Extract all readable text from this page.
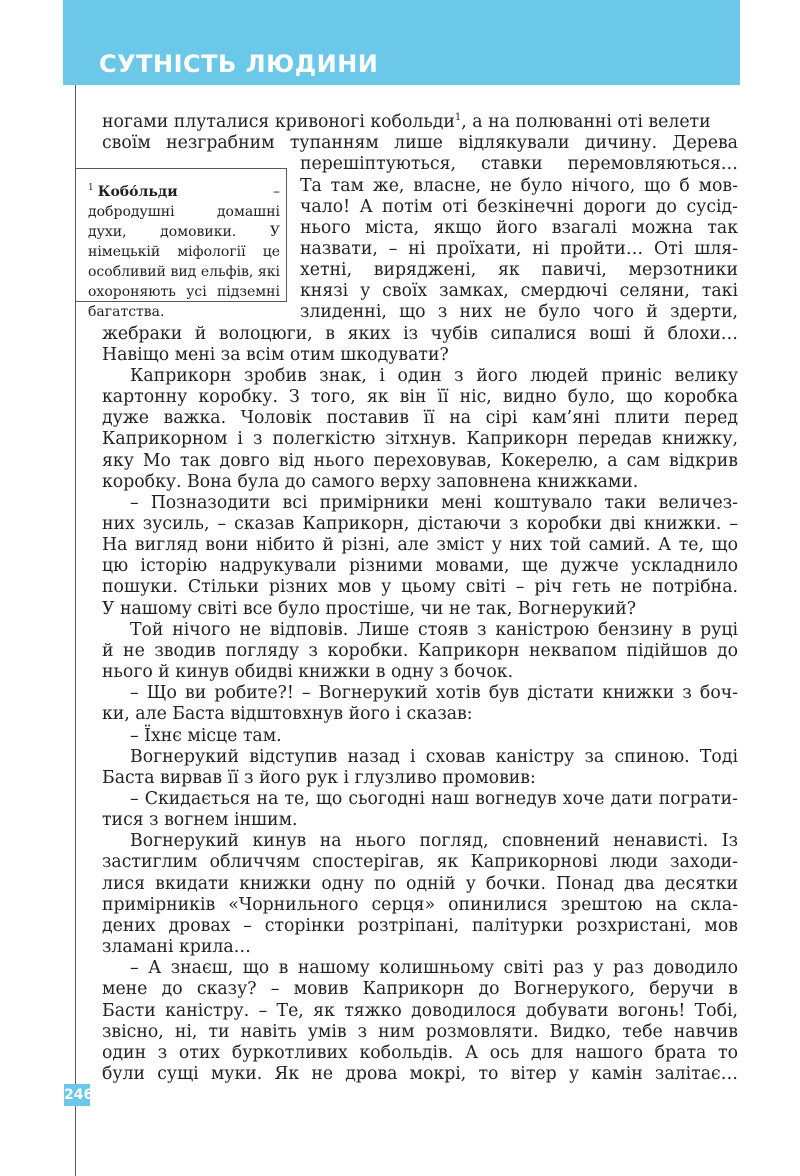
СУТНІСТЬ ЛЮДИНИ

$^1$ Кобо́льди – добродушні домашні духи, домовики. У німецькій міфології це особливий вид ельфів, які охороняють усі підземні багатства.

ногами плуталися кривоногі кобольди$^1$, а на полюванні оті велети
своїм незграбним тупанням лише відлякували дичину. Дерева
перешіптуються, ставки перемовляються…
Та там же, власне, не було нічого, що б мов-
чало! А потім оті безкінечні дороги до сусід-
нього міста, якщо його взагалі можна так
назвати, – ні проїхати, ні пройти… Оті шля-
хетні, вирядженi, як павичі, мерзотники
князі у своїх замках, смердючі селяни, такі
злиденні, що з них не було чого й здерти,
жебраки й волоцюги, в яких із чубів сипалися воші й блохи…
Навіщо мені за всім отим шкодувати?
Каприкорн зробив знак, і один з його людей приніс велику
картонну коробку. З того, як він її ніс, видно було, що коробка
дуже важка. Чоловік поставив її на сірі кам’яні плити перед
Каприкорном і з полегкістю зітхнув. Каприкорн передав книжку,
яку Мо так довго від нього переховував, Кокерелю, а сам відкрив
коробку. Вона була до самого верху заповнена книжками.
– Позназодити всі примірники мені коштувало таки величез-
них зусиль, – сказав Каприкорн, дістаючи з коробки дві книжки. –
На вигляд вони нібито й різні, але зміст у них той самий. А те, що
цю історію надрукували різними мовами, ще дужче ускладнило
пошуки. Стільки різних мов у цьому світі – річ геть не потрібна.
У нашому світі все було простіше, чи не так, Вогнерукий?
Той нічого не відповів. Лише стояв з каністрою бензину в руці
й не зводив погляду з коробки. Каприкорн неквапом підійшов до
нього й кинув обидві книжки в одну з бочок.
– Що ви робите?! – Вогнерукий хотів був дістати книжки з боч-
ки, але Баста відштовхнув його і сказав:
– Їхнє місце там.
Вогнерукий відступив назад і сховав каністру за спиною. Тоді
Баста вирвав її з його рук і глузливо промовив:
– Скидається на те, що сьогодні наш вогнедув хоче дати пограти-
тися з вогнем іншим.
Вогнерукий кинув на нього погляд, сповнений ненависті. Із
застиглим обличчям спостерігав, як Каприкорнові люди заходи-
лися вкидати книжки одну по одній у бочки. Понад два десятки
примірників «Чорнильного серця» опинилися зрештою на скла-
дених дровах – сторінки розтріпані, палітурки розхристані, мов
зламані крила…
– А знаєш, що в нашому колишньому світі раз у раз доводило
мене до сказу? – мовив Каприкорн до Вогнерукого, беручи в
Басти каністру. – Те, як тяжко доводилося добувати вогонь! Тобі,
звісно, ні, ти навіть умів з ним розмовляти. Видко, тебе навчив
один з отих буркотливих кобольдів. А ось для нашого брата то
були сущі муки. Як не дрова мокрі, то вітер у камін залітає…
246
